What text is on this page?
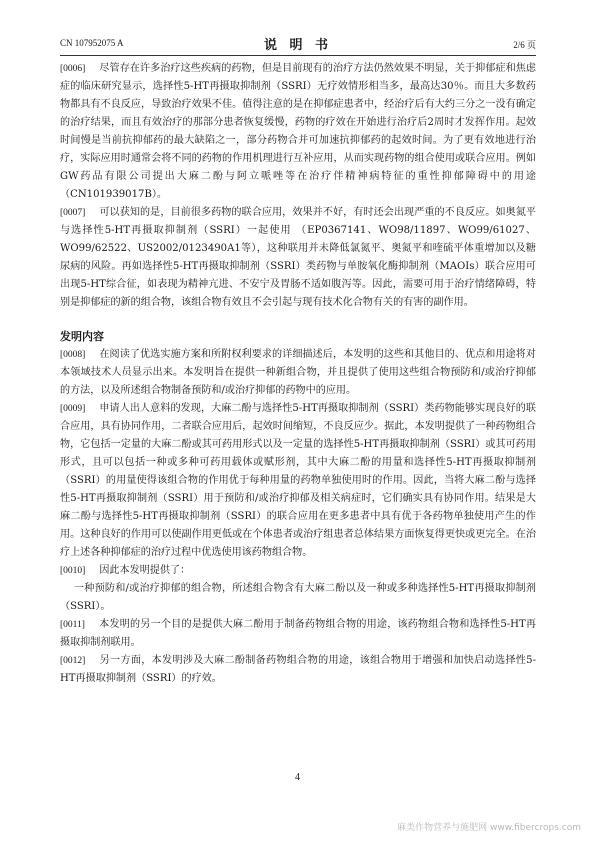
CN 107952075 A	说 明 书	2/6 页

[0006] 尽管存在许多治疗这些疾病的药物，但是目前现有的治疗方法仍然效果不明显，关于抑郁症和焦虑症的临床研究显示，选择性5-HT再摄取抑制剂（SSRI）无疗效情形相当多，最高达30％。而且大多数药物都具有不良反应，导致治疗效果不佳。值得注意的是在抑郁症患者中，经治疗后有大约三分之一没有确定的治疗结果，而且有效治疗的那部分患者恢复缓慢，药物的疗效在开始进行治疗后2周时才发挥作用。起效时间慢是当前抗抑郁药的最大缺陷之一，部分药物合并可加速抗抑郁药的起效时间。为了更有效地进行治疗，实际应用时通常会将不同的药物的作用机理进行互补应用，从而实现药物的组合使用或联合应用。例如GW药品有限公司提出大麻二酚与阿立哌唑等在治疗伴精神病特征的重性抑郁障碍中的用途（CN101939017B）。

[0007] 可以获知的是，目前很多药物的联合应用，效果并不好，有时还会出现严重的不良反应。如奥氮平与选择性5-HT再摄取抑制剂（SSRI）一起使用 （EP0367141、WO98/11897、WO99/61027、WO99/62522、US2002/0123490A1等），这种联用并未降低氯氮平、奥氮平和喹硫平体重增加以及糖尿病的风险。再如选择性5-HT再摄取抑制剂（SSRI）类药物与单胺氧化酶抑制剂（MAOIs）联合应用可出现5-HT综合征，如表现为精神亢进、不安宁及胃肠不适如腹泻等。因此，需要可用于治疗情绪障碍，特别是抑郁症的新的组合物，该组合物有效且不会引起与现有技术化合物有关的有害的副作用。

发明内容

[0008] 在阅读了优选实施方案和所附权利要求的详细描述后，本发明的这些和其他目的、优点和用途将对本领域技术人员显示出来。本发明旨在提供一种新组合物，并且提供了使用这些组合物预防和/或治疗抑郁的方法，以及所述组合物制备预防和/或治疗抑郁的药物中的应用。

[0009] 申请人出人意料的发现，大麻二酚与选择性5-HT再摄取抑制剂（SSRI）类药物能够实现良好的联合应用，具有协同作用，二者联合应用后，起效时间缩短，不良反应少。据此，本发明提供了一种药物组合物，它包括一定量的大麻二酚或其可药用形式以及一定量的选择性5-HT再摄取抑制剂（SSRI）或其可药用形式，且可以包括一种或多种可药用载体或赋形剂，其中大麻二酚的用量和选择性5-HT再摄取抑制剂（SSRI）的用量使得该组合物的作用优于每种用量的药物单独使用时的作用。因此，当将大麻二酚与选择性5-HT再摄取抑制剂（SSRI）用于预防和/或治疗抑郁及相关病症时，它们确实具有协同作用。结果是大麻二酚与选择性5-HT再摄取抑制剂（SSRI）的联合应用在更多患者中具有优于各药物单独使用产生的作用。这种良好的作用可以使副作用更低或在个体患者或治疗组患者总体结果方面恢复得更快或更完全。在治疗上述各种抑郁症的治疗过程中优选使用该药物组合物。

[0010] 因此本发明提供了：

一种预防和/或治疗抑郁的组合物，所述组合物含有大麻二酚以及一种或多种选择性5-HT再摄取抑制剂（SSRI）。

[0011] 本发明的另一个目的是提供大麻二酚用于制备药物组合物的用途，该药物组合物和选择性5-HT再摄取抑制剂联用。

[0012] 另一方面，本发明涉及大麻二酚制备药物组合物的用途，该组合物用于增强和加快启动选择性5-HT再摄取抑制剂（SSRI）的疗效。

4
麻类作物营养与施肥网 www.fibercrops.com
